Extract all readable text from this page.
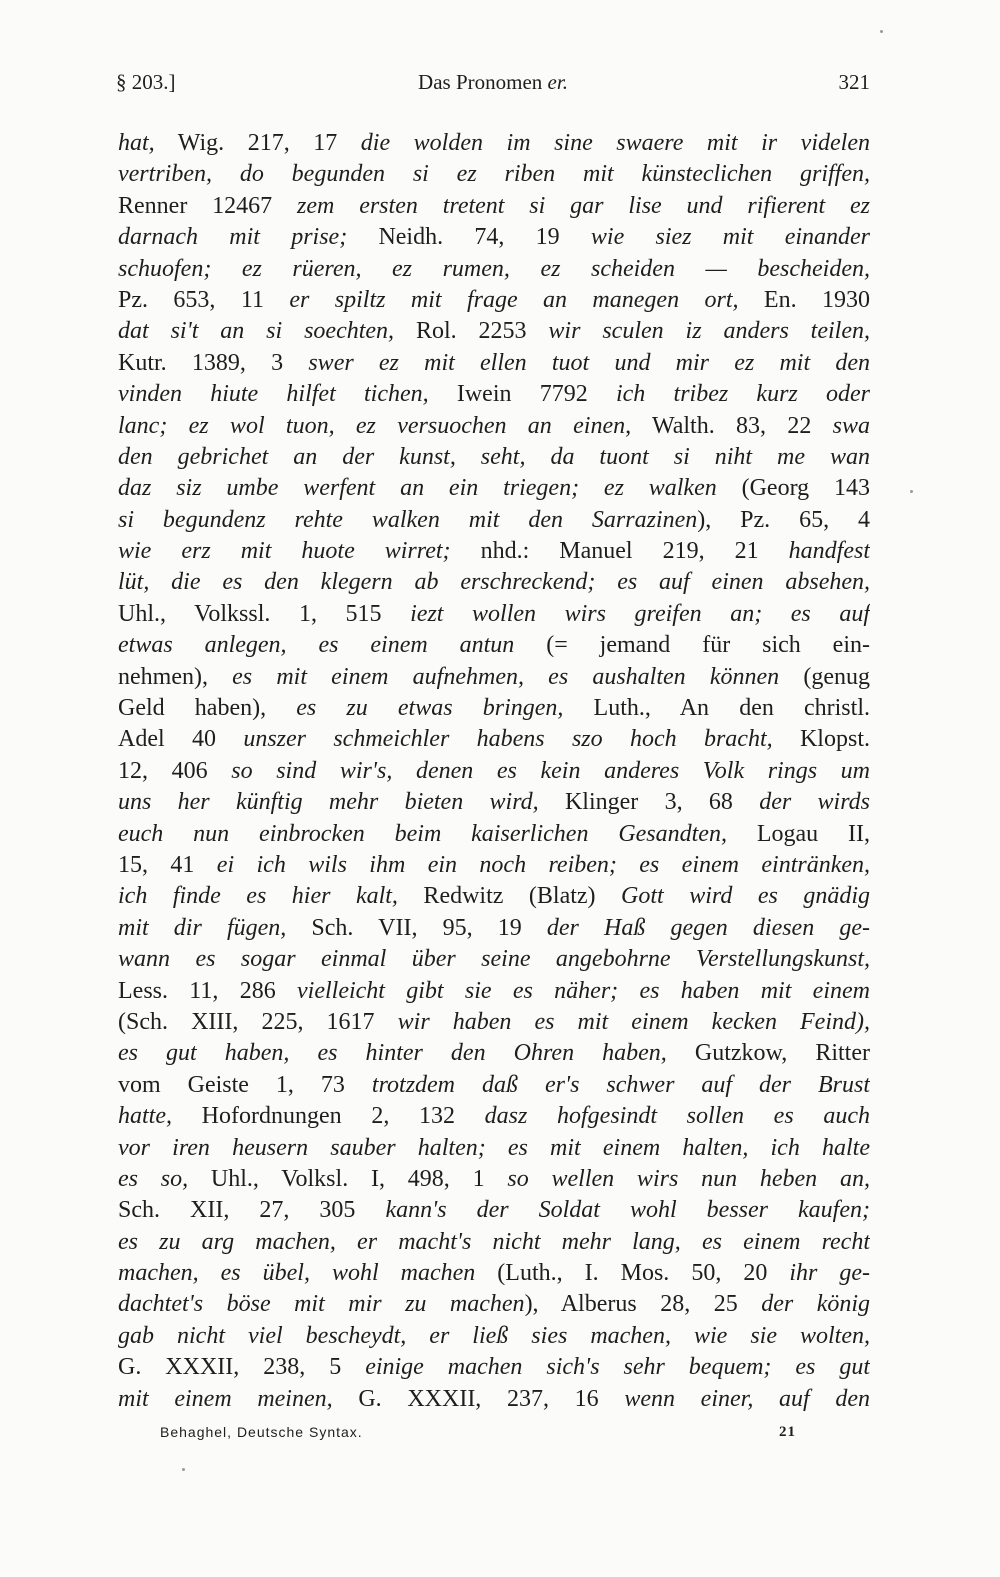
§ 203.]	Das Pronomen er.	321
hat, Wig. 217, 17 die wolden im sine swaere mit ir videlen
vertriben, do begunden si ez riben mit künsteclichen griffen,
Renner 12467 zem ersten tretent si gar lise und rifierent ez
darnach mit prise; Neidh. 74, 19 wie siez mit einander
schuofen; ez rüeren, ez rumen, ez scheiden — bescheiden,
Pz. 653, 11 er spiltz mit frage an manegen ort, En. 1930
dat si't an si soechten, Rol. 2253 wir sculen iz anders teilen,
Kutr. 1389, 3 swer ez mit ellen tuot und mir ez mit den
vinden hiute hilfet tichen, Iwein 7792 ich tribez kurz oder
lanc; ez wol tuon, ez versuochen an einen, Walth. 83, 22 swa
den gebrichet an der kunst, seht, da tuont si niht me wan
daz siz umbe werfent an ein triegen; ez walken (Georg 143
si begundenz rehte walken mit den Sarrazinen), Pz. 65, 4
wie erz mit huote wirret; nhd.: Manuel 219, 21 handfest
lüt, die es den klegern ab erschreckend; es auf einen absehen,
Uhl., Volkssl. 1, 515 iezt wollen wirs greifen an; es auf
etwas anlegen, es einem antun (= jemand für sich ein-
nehmen), es mit einem aufnehmen, es aushalten können (genug
Geld haben), es zu etwas bringen, Luth., An den christl.
Adel 40 unszer schmeichler habens szo hoch bracht, Klopst.
12, 406 so sind wir's, denen es kein anderes Volk rings um
uns her künftig mehr bieten wird, Klinger 3, 68 der wirds
euch nun einbrocken beim kaiserlichen Gesandten, Logau II,
15, 41 ei ich wils ihm ein noch reiben; es einem eintränken,
ich finde es hier kalt, Redwitz (Blatz) Gott wird es gnädig
mit dir fügen, Sch. VII, 95, 19 der Haß gegen diesen ge-
wann es sogar einmal über seine angebohrne Verstellungskunst,
Less. 11, 286 vielleicht gibt sie es näher; es haben mit einem
(Sch. XIII, 225, 1617 wir haben es mit einem kecken Feind),
es gut haben, es hinter den Ohren haben, Gutzkow, Ritter
vom Geiste 1, 73 trotzdem daß er's schwer auf der Brust
hatte, Hofordnungen 2, 132 dasz hofgesindt sollen es auch
vor iren heusern sauber halten; es mit einem halten, ich halte
es so, Uhl., Volksl. I, 498, 1 so wellen wirs nun heben an,
Sch. XII, 27, 305 kann's der Soldat wohl besser kaufen;
es zu arg machen, er macht's nicht mehr lang, es einem recht
machen, es übel, wohl machen (Luth., I. Mos. 50, 20 ihr ge-
dachtet's böse mit mir zu machen), Alberus 28, 25 der könig
gab nicht viel bescheydt, er ließ sies machen, wie sie wolten,
G. XXXII, 238, 5 einige machen sich's sehr bequem; es gut
mit einem meinen, G. XXXII, 237, 16 wenn einer, auf den
Behaghel, Deutsche Syntax.	21
